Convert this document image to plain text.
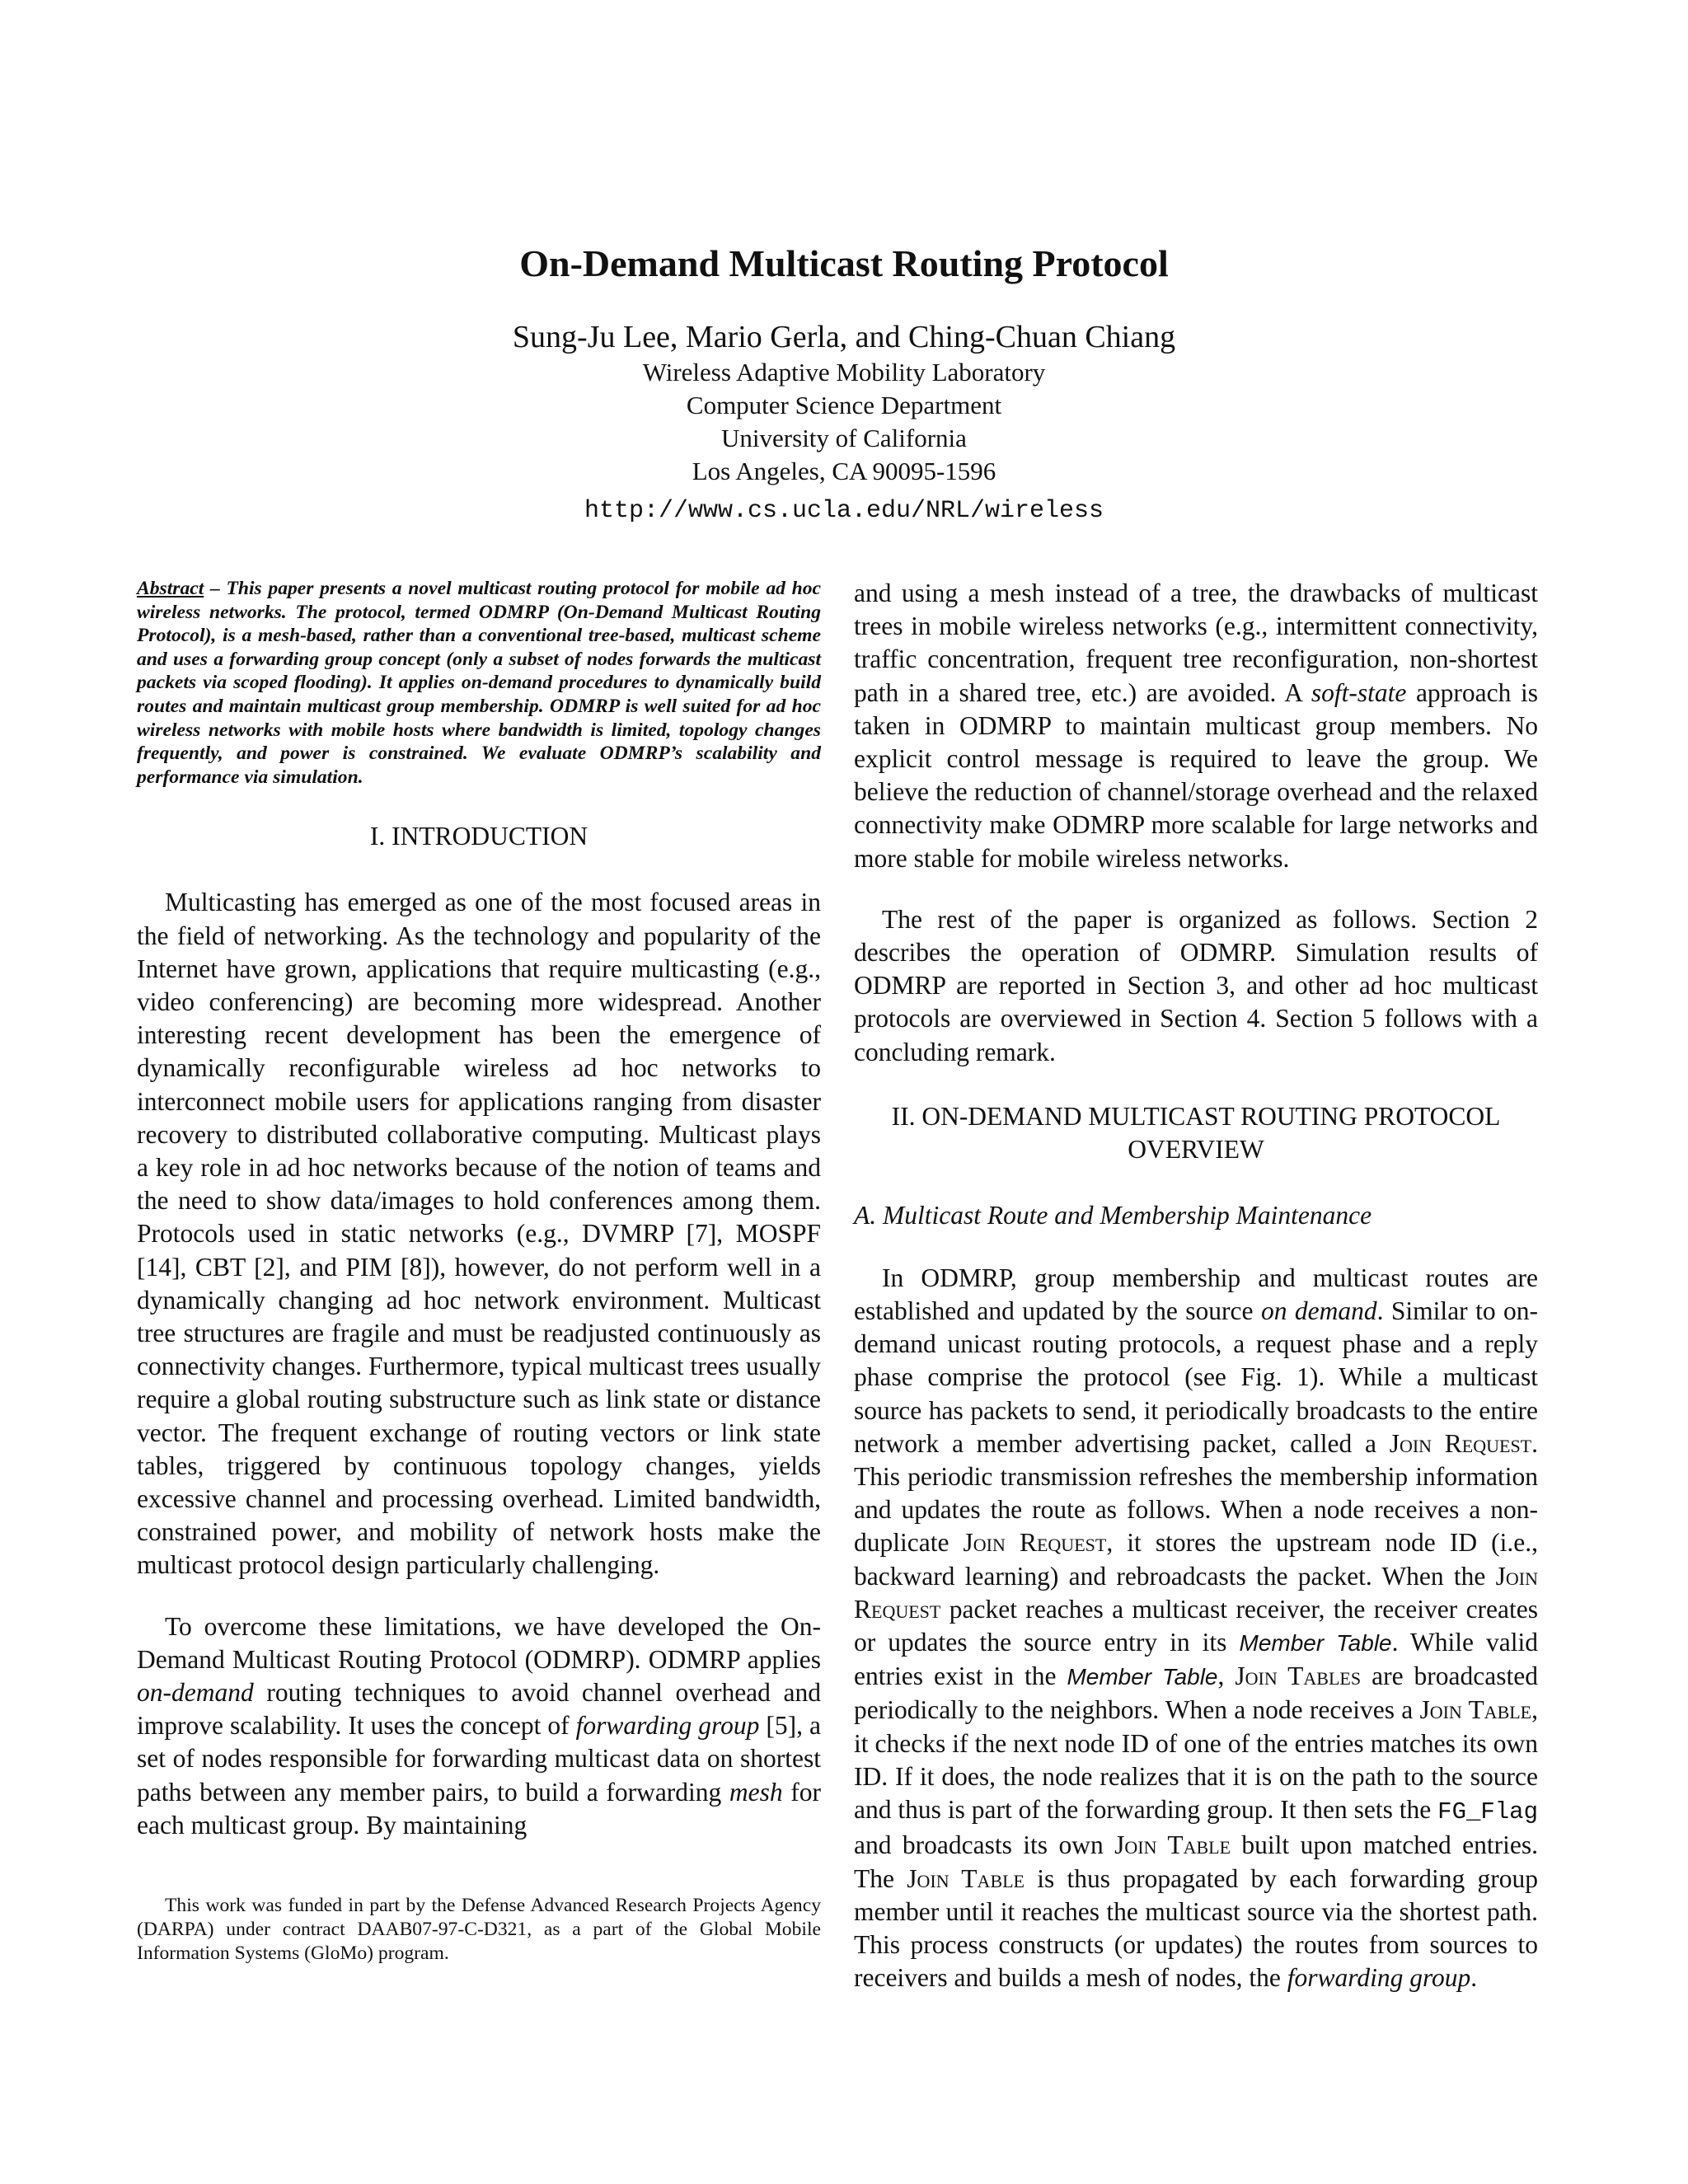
On-Demand Multicast Routing Protocol
Sung-Ju Lee, Mario Gerla, and Ching-Chuan Chiang
Wireless Adaptive Mobility Laboratory
Computer Science Department
University of California
Los Angeles, CA 90095-1596
http://www.cs.ucla.edu/NRL/wireless
Abstract – This paper presents a novel multicast routing protocol for mobile ad hoc wireless networks. The protocol, termed ODMRP (On-Demand Multicast Routing Protocol), is a mesh-based, rather than a conventional tree-based, multicast scheme and uses a forwarding group concept (only a subset of nodes forwards the multicast packets via scoped flooding). It applies on-demand procedures to dynamically build routes and maintain multicast group membership. ODMRP is well suited for ad hoc wireless networks with mobile hosts where bandwidth is limited, topology changes frequently, and power is constrained. We evaluate ODMRP’s scalability and performance via simulation.
I. INTRODUCTION

Multicasting has emerged as one of the most focused areas in the field of networking. As the technology and popularity of the Internet have grown, applications that require multicasting (e.g., video conferencing) are becoming more widespread. Another interesting recent development has been the emergence of dynamically reconfigurable wireless ad hoc networks to interconnect mobile users for applications ranging from disaster recovery to distributed collaborative computing. Multicast plays a key role in ad hoc networks because of the notion of teams and the need to show data/images to hold conferences among them. Protocols used in static networks (e.g., DVMRP [7], MOSPF [14], CBT [2], and PIM [8]), however, do not perform well in a dynamically changing ad hoc network environment. Multicast tree structures are fragile and must be readjusted continuously as connectivity changes. Furthermore, typical multicast trees usually require a global routing substructure such as link state or distance vector. The frequent exchange of routing vectors or link state tables, triggered by continuous topology changes, yields excessive channel and processing overhead. Limited bandwidth, constrained power, and mobility of network hosts make the multicast protocol design particularly challenging.

To overcome these limitations, we have developed the On-Demand Multicast Routing Protocol (ODMRP). ODMRP applies on-demand routing techniques to avoid channel overhead and improve scalability. It uses the concept of forwarding group [5], a set of nodes responsible for forwarding multicast data on shortest paths between any member pairs, to build a forwarding mesh for each multicast group. By maintaining

This work was funded in part by the Defense Advanced Research Projects Agency (DARPA) under contract DAAB07-97-C-D321, as a part of the Global Mobile Information Systems (GloMo) program.

and using a mesh instead of a tree, the drawbacks of multicast trees in mobile wireless networks (e.g., intermittent connectivity, traffic concentration, frequent tree reconfiguration, non-shortest path in a shared tree, etc.) are avoided. A soft-state approach is taken in ODMRP to maintain multicast group members. No explicit control message is required to leave the group. We believe the reduction of channel/storage overhead and the relaxed connectivity make ODMRP more scalable for large networks and more stable for mobile wireless networks.

The rest of the paper is organized as follows. Section 2 describes the operation of ODMRP. Simulation results of ODMRP are reported in Section 3, and other ad hoc multicast protocols are overviewed in Section 4. Section 5 follows with a concluding remark.

II. ON-DEMAND MULTICAST ROUTING PROTOCOL OVERVIEW
A. Multicast Route and Membership Maintenance

In ODMRP, group membership and multicast routes are established and updated by the source on demand. Similar to on-demand unicast routing protocols, a request phase and a reply phase comprise the protocol (see Fig. 1). While a multicast source has packets to send, it periodically broadcasts to the entire network a member advertising packet, called a Join Request. This periodic transmission refreshes the membership information and updates the route as follows. When a node receives a non-duplicate Join Request, it stores the upstream node ID (i.e., backward learning) and rebroadcasts the packet. When the Join Request packet reaches a multicast receiver, the receiver creates or updates the source entry in its Member Table. While valid entries exist in the Member Table, Join Tables are broadcasted periodically to the neighbors. When a node receives a Join Table, it checks if the next node ID of one of the entries matches its own ID. If it does, the node realizes that it is on the path to the source and thus is part of the forwarding group. It then sets the FG_Flag and broadcasts its own Join Table built upon matched entries. The Join Table is thus propagated by each forwarding group member until it reaches the multicast source via the shortest path. This process constructs (or updates) the routes from sources to receivers and builds a mesh of nodes, the forwarding group.
